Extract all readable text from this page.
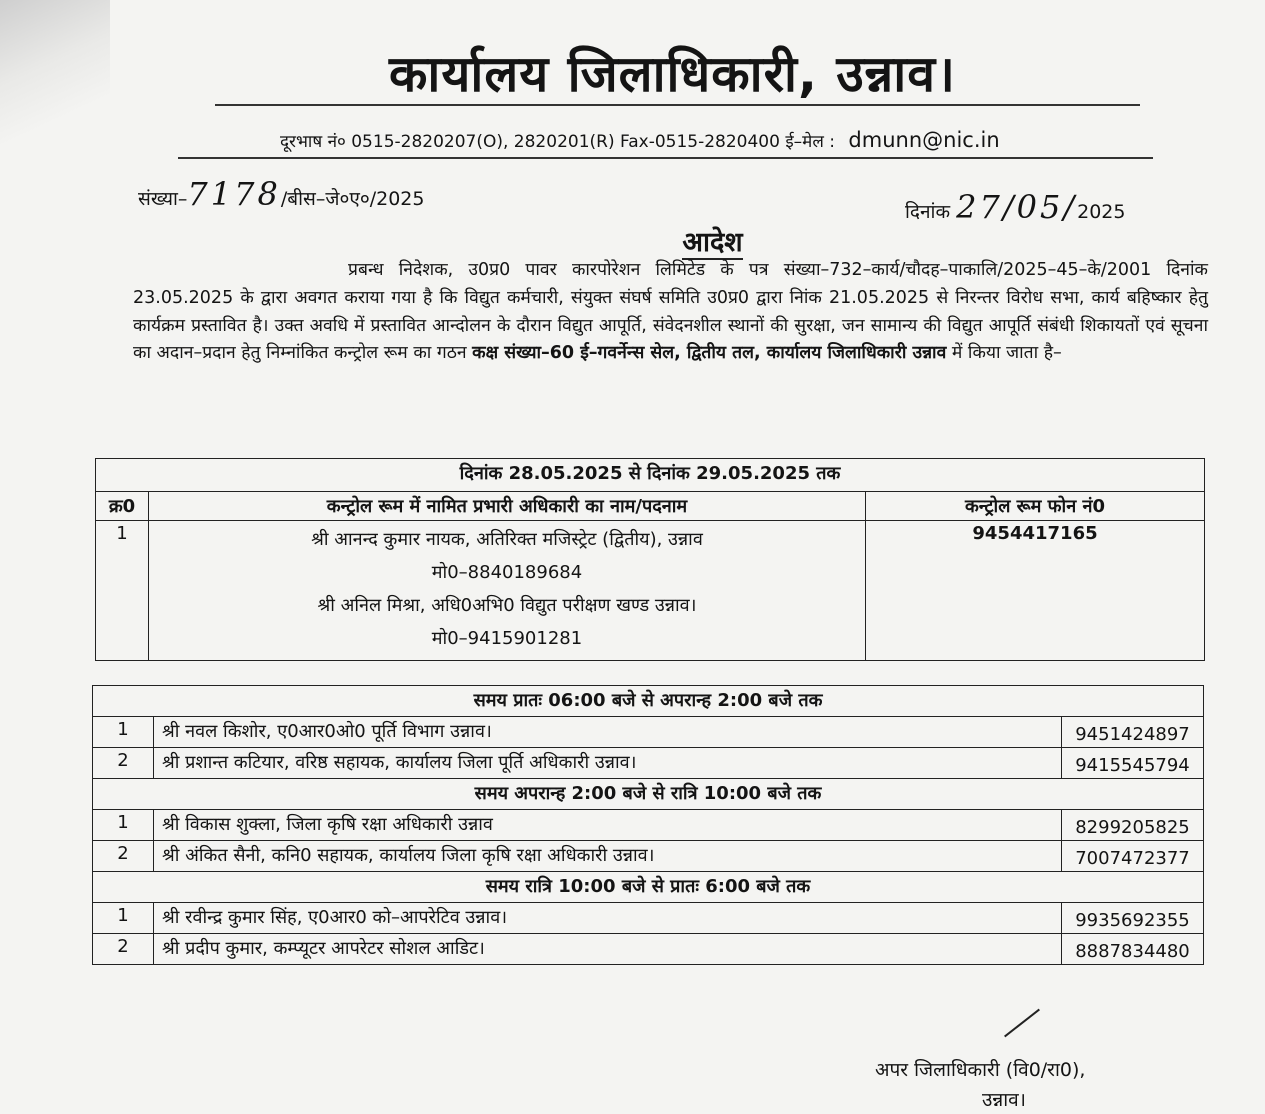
कार्यालय जिलाधिकारी, उन्नाव।
दूरभाष नं० 0515-2820207(O), 2820201(R) Fax-0515-2820400 ई–मेल : dmunn@nic.in
संख्या–7178/बीस–जे०ए०/2025
दिनांक 27/05/2025
आदेश
प्रबन्ध निदेशक, उ0प्र0 पावर कारपोरेशन लिमिटेड के पत्र संख्या–732–कार्य/चौदह–पाकालि/2025–45–के/2001 दिनांक 23.05.2025 के द्वारा अवगत कराया गया है कि विद्युत कर्मचारी, संयुक्त संघर्ष समिति उ0प्र0 द्वारा निांक 21.05.2025 से निरन्तर विरोध सभा, कार्य बहिष्कार हेतु कार्यक्रम प्रस्तावित है। उक्त अवधि में प्रस्तावित आन्दोलन के दौरान विद्युत आपूर्ति, संवेदनशील स्थानों की सुरक्षा, जन सामान्य की विद्युत आपूर्ति संबंधी शिकायतों एवं सूचना का अदान–प्रदान हेतु निम्नांकित कन्ट्रोल रूम का गठन कक्ष संख्या–60 ई–गवर्नेन्स सेल, द्वितीय तल, कार्यालय जिलाधिकारी उन्नाव में किया जाता है–
दिनांक 28.05.2025 से दिनांक 29.05.2025 तक		
क्र0	कन्ट्रोल रूम में नामित प्रभारी अधिकारी का नाम/पदनाम	कन्ट्रोल रूम फोन नं0
1	श्री आनन्द कुमार नायक, अतिरिक्त मजिस्ट्रेट (द्वितीय), उन्नाव
मो0–8840189684
श्री अनिल मिश्रा, अधि0अभि0 विद्युत परीक्षण खण्ड उन्नाव।
मो0–9415901281	9454417165
समय प्रातः 06:00 बजे से अपरान्ह 2:00 बजे तक		
1	श्री नवल किशोर, ए0आर0ओ0 पूर्ति विभाग उन्नाव।	9451424897
2	श्री प्रशान्त कटियार, वरिष्ठ सहायक, कार्यालय जिला पूर्ति अधिकारी उन्नाव।	9415545794
समय अपरान्ह 2:00 बजे से रात्रि 10:00 बजे तक		
1	श्री विकास शुक्ला, जिला कृषि रक्षा अधिकारी उन्नाव	8299205825
2	श्री अंकित सैनी, कनि0 सहायक, कार्यालय जिला कृषि रक्षा अधिकारी उन्नाव।	7007472377
समय रात्रि 10:00 बजे से प्रातः 6:00 बजे तक		
1	श्री रवीन्द्र कुमार सिंह, ए0आर0 को–आपरेटिव उन्नाव।	9935692355
2	श्री प्रदीप कुमार, कम्प्यूटर आपरेटर सोशल आडिट।	8887834480
अपर जिलाधिकारी (वि0/रा0),
उन्नाव।
